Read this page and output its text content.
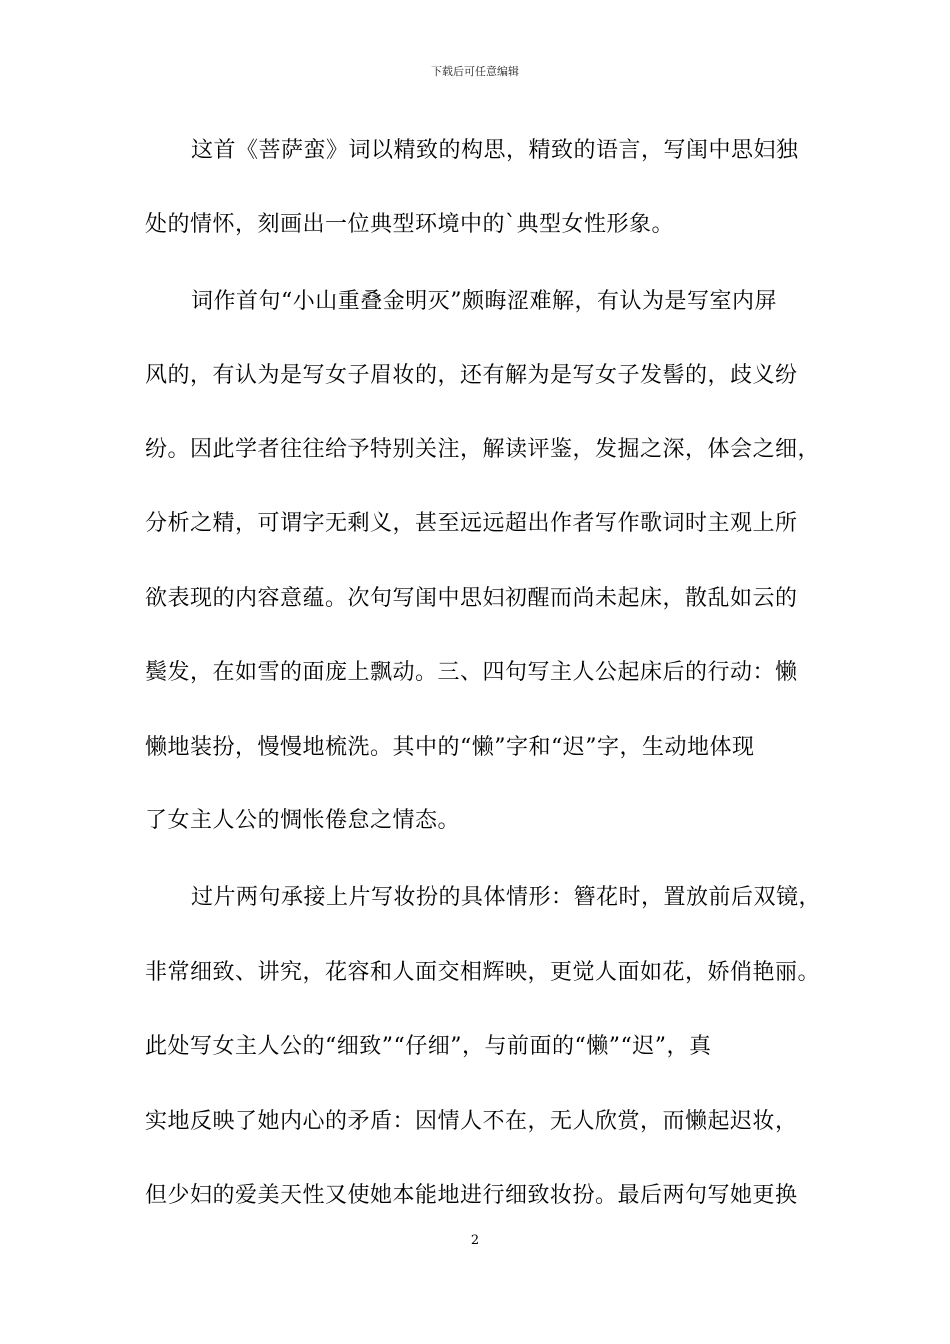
下载后可任意编辑
这首《菩萨蛮》词以精致的构思，精致的语言，写闺中思妇独
处的情怀，刻画出一位典型环境中的`典型女性形象。
词作首句“小山重叠金明灭”颇晦涩难解，有认为是写室内屏
风的，有认为是写女子眉妆的，还有解为是写女子发髻的，歧义纷
纷。因此学者往往给予特别关注，解读评鉴，发掘之深，体会之细，
分析之精，可谓字无剩义，甚至远远超出作者写作歌词时主观上所
欲表现的内容意蕴。次句写闺中思妇初醒而尚未起床，散乱如云的
鬓发，在如雪的面庞上飘动。三、四句写主人公起床后的行动：懒
懒地装扮，慢慢地梳洗。其中的“懒”字和“迟”字，生动地体现
了女主人公的惆怅倦怠之情态。
过片两句承接上片写妆扮的具体情形：簪花时，置放前后双镜，
非常细致、讲究，花容和人面交相辉映，更觉人面如花，娇俏艳丽。
此处写女主人公的“细致”“仔细”，与前面的“懒”“迟”，真
实地反映了她内心的矛盾：因情人不在，无人欣赏，而懒起迟妆，
但少妇的爱美天性又使她本能地进行细致妆扮。最后两句写她更换
2
